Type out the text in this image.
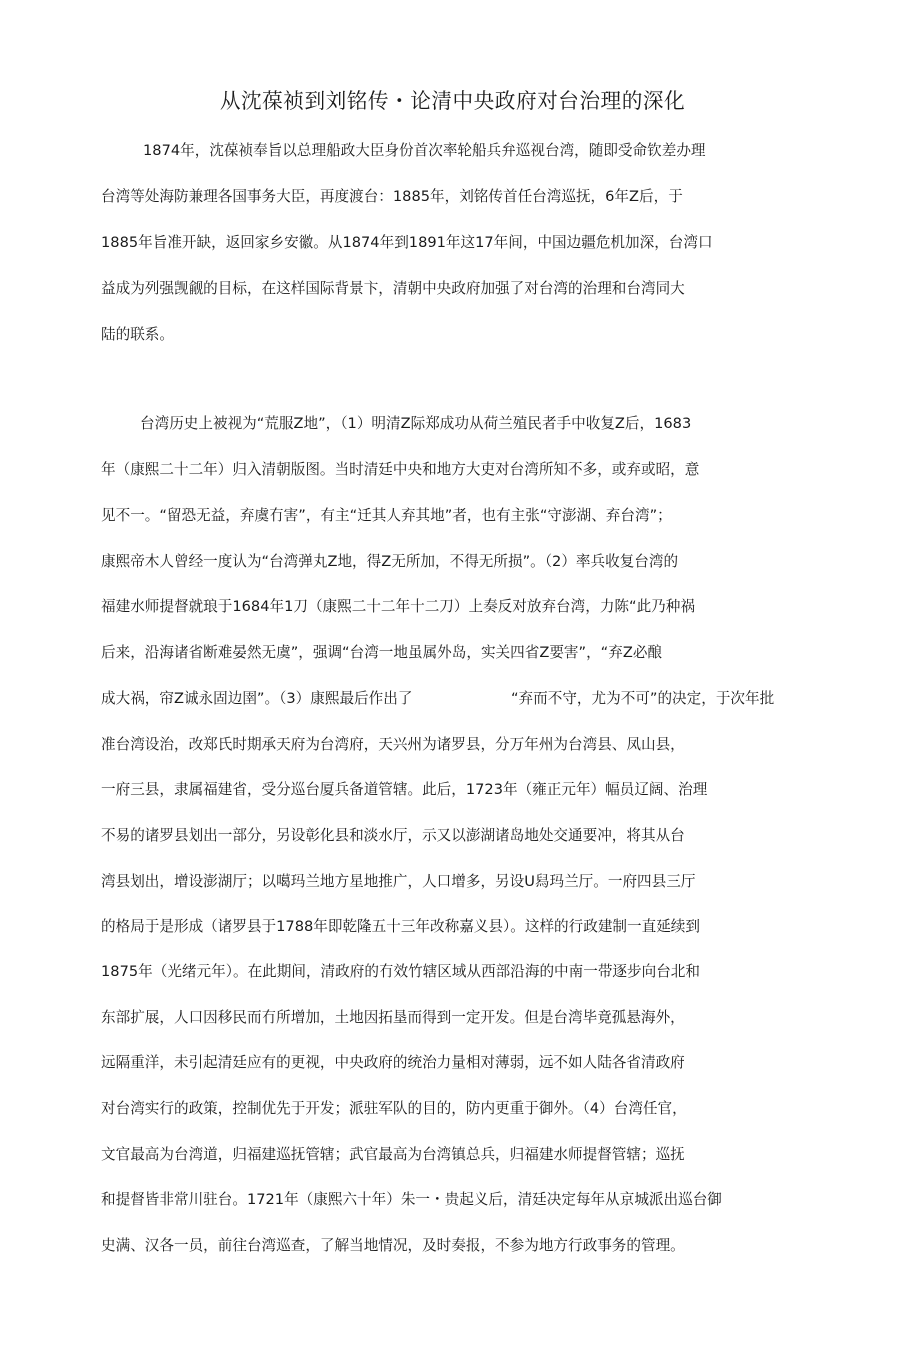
从沈葆祯到刘铭传・论清中央政府对台治理的深化
1874年，沈葆祯奉旨以总理船政大臣身份首次率轮船兵弁巡视台湾，随即受命钦差办理
台湾等处海防兼理各国事务大臣，再度渡台：1885年，刘铭传首任台湾巡抚，6年Z后，于
1885年旨准开缺，返回家乡安徽。从1874年到1891年这17年间，中国边疆危机加深，台湾口
益成为列强觊觎的目标，在这样国际背景卞，清朝中央政府加强了对台湾的治理和台湾同大
陆的联系。
台湾历史上被视为“荒服Z地”，（1）明清Z际郑成功从荷兰殖民者手中收复Z后，1683
年（康熙二十二年）归入清朝版图。当时清廷中央和地方大吏对台湾所知不多，或弃或昭，意
见不一。“留恐无益，弃虞冇害”，有主“迁其人弃其地”者，也有主张“守澎湖、弃台湾”；
康熙帝木人曾经一度认为“台湾弹丸Z地，得Z无所加，不得无所损”。（2）率兵收复台湾的
福建水师提督就琅于1684年1刀（康熙二十二年十二刀）上奏反对放弃台湾，力陈“此乃种祸
后来，沿海诸省断难晏然无虞”，强调“台湾一地虽属外岛，实关四省Z要害”，“弃Z必酿
成大祸，帘Z诚永固边圉”。（3）康熙最后作出了	“弃而不守，尤为不可”的决定，于次年批
准台湾设治，改郑氏时期承天府为台湾府，天兴州为诸罗县，分万年州为台湾县、凤山县，
一府三县，隶属福建省，受分巡台厦兵备道管辖。此后，1723年（雍正元年）幅员辽阔、治理
不易的诸罗县划出一部分，另设彰化县和淡水厅，示又以澎湖诸岛地处交通要冲，将其从台
湾县划出，增设澎湖厅；以噶玛兰地方星地推广，人口增多，另设U舄玛兰厅。一府四县三厅
的格局于是形成（诸罗县于1788年即乾隆五十三年改称嘉义县）。这样的行政建制一直延续到
1875年（光绪元年）。在此期间，清政府的冇效竹辖区域从西部沿海的中南一带逐步向台北和
东部扩展，人口因移民而冇所增加，土地因拓垦而得到一定开发。但是台湾毕竟孤悬海外，
远隔重洋，未引起清廷应有的更视，中央政府的统治力量相对薄弱，远不如人陆各省清政府
对台湾实行的政策，控制优先于开发；派驻军队的目的，防内更重于御外。（4）台湾任官，
文官最高为台湾道，归福建巡抚管辖；武官最高为台湾镇总兵，归福建水师提督管辖；巡抚
和提督皆非常川驻台。1721年（康熙六十年）朱一・贵起义后，清廷决定每年从京城派出巡台御
史满、汉各一员，前往台湾巡查，了解当地情况，及时奏报，不参为地方行政事务的管理。
